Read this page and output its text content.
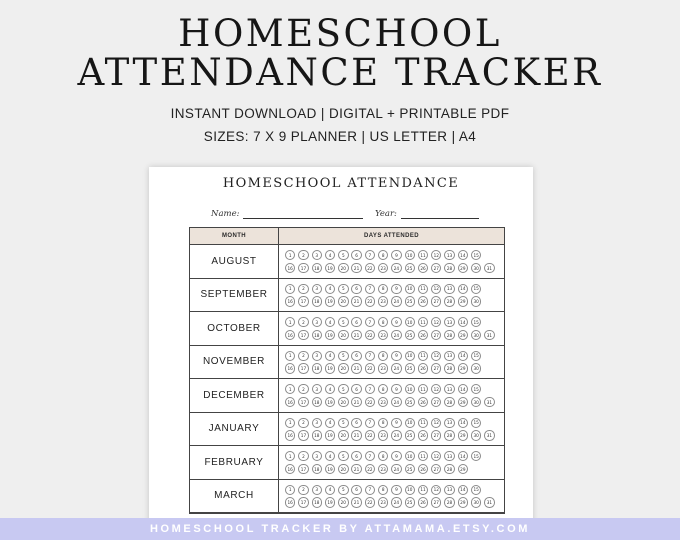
HOMESCHOOL
ATTENDANCE TRACKER
INSTANT DOWNLOAD | DIGITAL + PRINTABLE PDF
SIZES: 7 X 9 PLANNER | US LETTER | A4
HOMESCHOOL ATTENDANCE
Name:	Year:
MONTH	DAYS ATTENDED
AUGUST
1	2	3	4	5	6	7	8	9	10	11	12	13	14	15
16	17	18	19	20	21	22	23	24	25	26	27	28	29	30	31
SEPTEMBER
1	2	3	4	5	6	7	8	9	10	11	12	13	14	15
16	17	18	19	20	21	22	23	24	25	26	27	28	29	30
OCTOBER
1	2	3	4	5	6	7	8	9	10	11	12	13	14	15
16	17	18	19	20	21	22	23	24	25	26	27	28	29	30	31
NOVEMBER
1	2	3	4	5	6	7	8	9	10	11	12	13	14	15
16	17	18	19	20	21	22	23	24	25	26	27	28	29	30
DECEMBER
1	2	3	4	5	6	7	8	9	10	11	12	13	14	15
16	17	18	19	20	21	22	23	24	25	26	27	28	29	30	31
JANUARY
1	2	3	4	5	6	7	8	9	10	11	12	13	14	15
16	17	18	19	20	21	22	23	24	25	26	27	28	29	30	31
FEBRUARY
1	2	3	4	5	6	7	8	9	10	11	12	13	14	15
16	17	18	19	20	21	22	23	24	25	26	27	28	29
MARCH
1	2	3	4	5	6	7	8	9	10	11	12	13	14	15
16	17	18	19	20	21	22	23	24	25	26	27	28	29	30	31
HOMESCHOOL TRACKER BY ATTAMAMA.ETSY.COM
